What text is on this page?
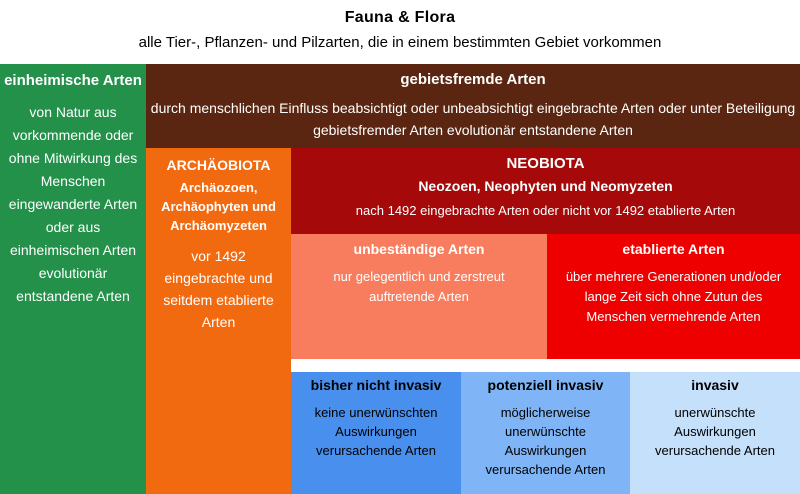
Fauna & Flora
alle Tier-, Pflanzen- und Pilzarten, die in einem bestimmten Gebiet vorkommen
einheimische Arten
von Natur aus vorkommende oder ohne Mitwirkung des Menschen eingewanderte Arten oder aus einheimischen Arten evolutionär entstandene Arten
gebietsfremde Arten
durch menschlichen Einfluss beabsichtigt oder unbeabsichtigt eingebrachte Arten oder unter Beteiligung gebietsfremder Arten evolutionär entstandene Arten
ARCHÄOBIOTA
Archäozoen, Archäophyten und Archäomyzeten
vor 1492 eingebrachte und seitdem etablierte Arten
NEOBIOTA
Neozoen, Neophyten und Neomyzeten
nach 1492 eingebrachte Arten oder nicht vor 1492 etablierte Arten
unbeständige Arten
nur gelegentlich und zerstreut auftretende Arten
etablierte Arten
über mehrere Generationen und/oder lange Zeit sich ohne Zutun des Menschen vermehrende Arten
bisher nicht invasiv
keine unerwünschten Auswirkungen verursachende Arten
potenziell invasiv
möglicherweise unerwünschte Auswirkungen verursachende Arten
invasiv
unerwünschte Auswirkungen verursachende Arten
